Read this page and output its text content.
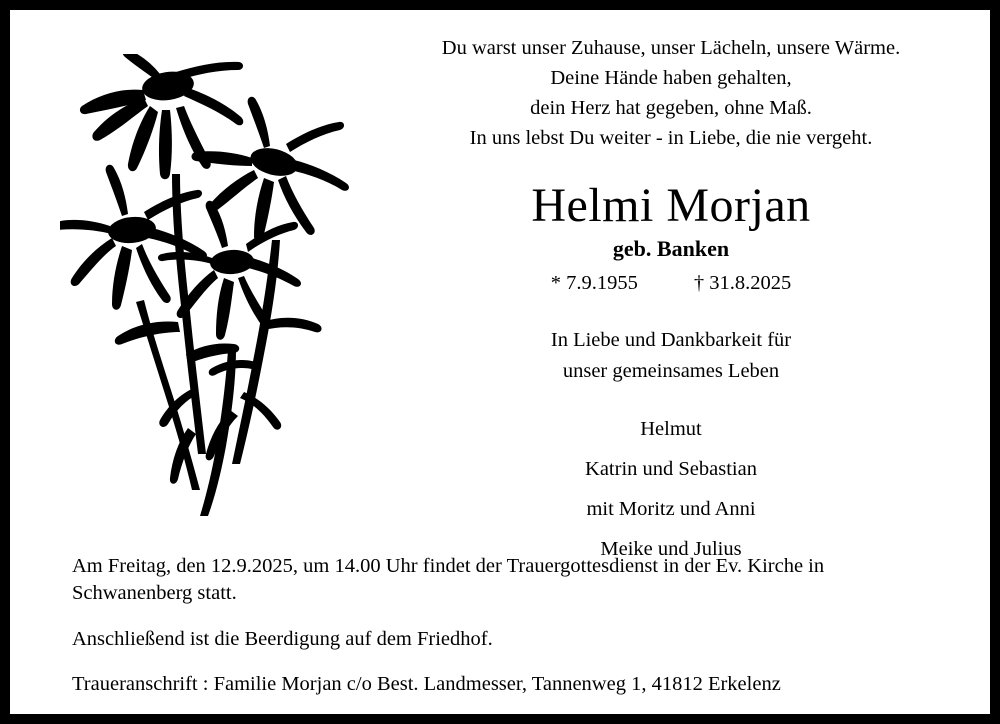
Du warst unser Zuhause, unser Lächeln, unsere Wärme.
Deine Hände haben gehalten,
dein Herz hat gegeben, ohne Maß.
In uns lebst Du weiter - in Liebe, die nie vergeht.
Helmi Morjan
geb. Banken
* 7.9.1955	† 31.8.2025
In Liebe und Dankbarkeit für
unser gemeinsames Leben
Helmut
Katrin und Sebastian
mit Moritz und Anni
Meike und Julius

Am Freitag, den 12.9.2025, um 14.00 Uhr findet der Trauergottesdienst in der Ev. Kirche in Schwanenberg statt.

Anschließend ist die Beerdigung auf dem Friedhof.

Traueranschrift : Familie Morjan c/o Best. Landmesser, Tannenweg 1, 41812 Erkelenz
